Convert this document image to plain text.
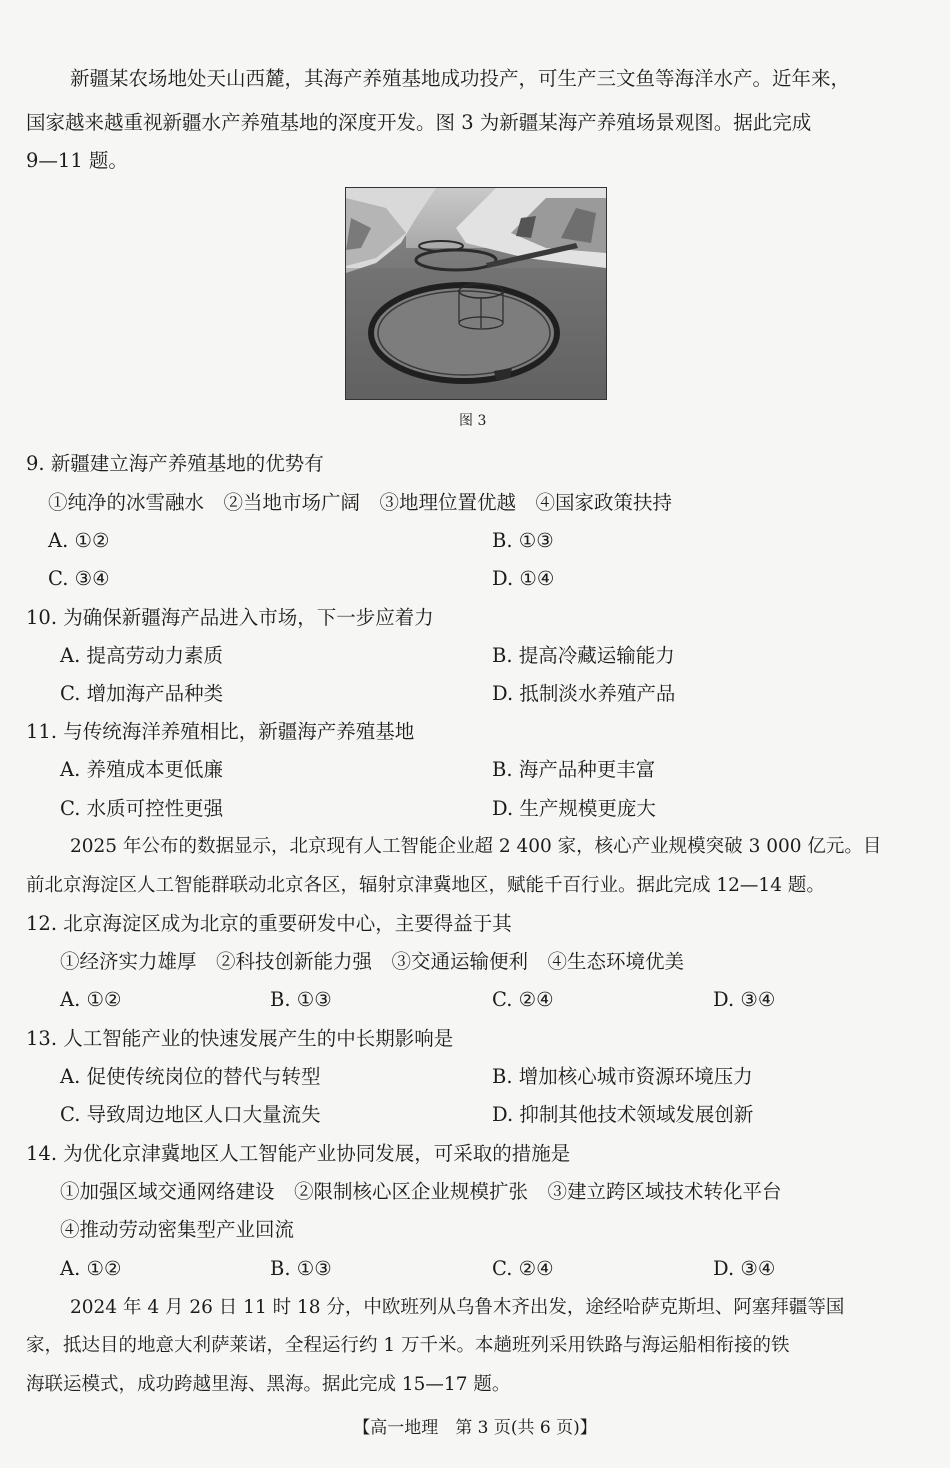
新疆某农场地处天山西麓，其海产养殖基地成功投产，可生产三文鱼等海洋水产。近年来，
国家越来越重视新疆水产养殖基地的深度开发。图 3 为新疆某海产养殖场景观图。据此完成
9—11 题。
图 3
9. 新疆建立海产养殖基地的优势有
①纯净的冰雪融水　②当地市场广阔　③地理位置优越　④国家政策扶持
A. ①②	B. ①③
C. ③④	D. ①④
10. 为确保新疆海产品进入市场，下一步应着力
A. 提高劳动力素质	B. 提高冷藏运输能力
C. 增加海产品种类	D. 抵制淡水养殖产品
11. 与传统海洋养殖相比，新疆海产养殖基地
A. 养殖成本更低廉	B. 海产品种更丰富
C. 水质可控性更强	D. 生产规模更庞大
2025 年公布的数据显示，北京现有人工智能企业超 2 400 家，核心产业规模突破 3 000 亿元。目
前北京海淀区人工智能群联动北京各区，辐射京津冀地区，赋能千百行业。据此完成 12—14 题。
12. 北京海淀区成为北京的重要研发中心，主要得益于其
①经济实力雄厚　②科技创新能力强　③交通运输便利　④生态环境优美
A. ①②	B. ①③	C. ②④	D. ③④
13. 人工智能产业的快速发展产生的中长期影响是
A. 促使传统岗位的替代与转型	B. 增加核心城市资源环境压力
C. 导致周边地区人口大量流失	D. 抑制其他技术领域发展创新
14. 为优化京津冀地区人工智能产业协同发展，可采取的措施是
①加强区域交通网络建设　②限制核心区企业规模扩张　③建立跨区域技术转化平台
④推动劳动密集型产业回流
A. ①②	B. ①③	C. ②④	D. ③④
2024 年 4 月 26 日 11 时 18 分，中欧班列从乌鲁木齐出发，途经哈萨克斯坦、阿塞拜疆等国
家，抵达目的地意大利萨莱诺，全程运行约 1 万千米。本趟班列采用铁路与海运船相衔接的铁
海联运模式，成功跨越里海、黑海。据此完成 15—17 题。
【高一地理　第 3 页(共 6 页)】
